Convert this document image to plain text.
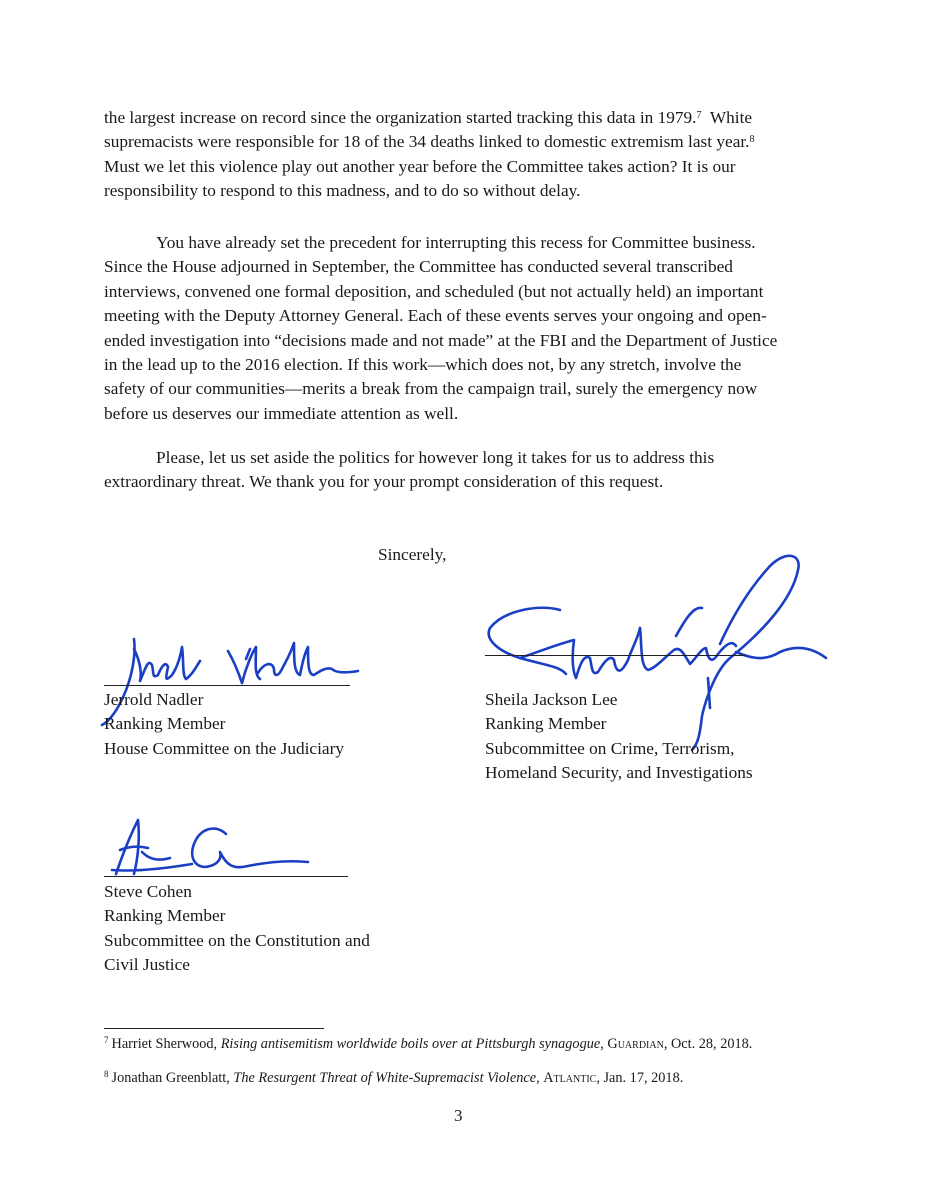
the largest increase on record since the organization started tracking this data in 1979.$^7$  White
supremacists were responsible for 18 of the 34 deaths linked to domestic extremism last year.$^8$
Must we let this violence play out another year before the Committee takes action? It is our
responsibility to respond to this madness, and to do so without delay.

You have already set the precedent for interrupting this recess for Committee business.
Since the House adjourned in September, the Committee has conducted several transcribed
interviews, convened one formal deposition, and scheduled (but not actually held) an important
meeting with the Deputy Attorney General. Each of these events serves your ongoing and open-
ended investigation into “decisions made and not made” at the FBI and the Department of Justice
in the lead up to the 2016 election. If this work—which does not, by any stretch, involve the
safety of our communities—merits a break from the campaign trail, surely the emergency now
before us deserves our immediate attention as well.

Please, let us set aside the politics for however long it takes for us to address this
extraordinary threat. We thank you for your prompt consideration of this request.

Sincerely,
Jerrold Nadler
Ranking Member
House Committee on the Judiciary
Sheila Jackson Lee
Ranking Member
Subcommittee on Crime, Terrorism,
Homeland Security, and Investigations
Steve Cohen
Ranking Member
Subcommittee on the Constitution and
Civil Justice
$^7$ Harriet Sherwood, Rising antisemitism worldwide boils over at Pittsburgh synagogue, Guardian, Oct. 28, 2018.
$^8$ Jonathan Greenblatt, The Resurgent Threat of White-Supremacist Violence, Atlantic, Jan. 17, 2018.
3
